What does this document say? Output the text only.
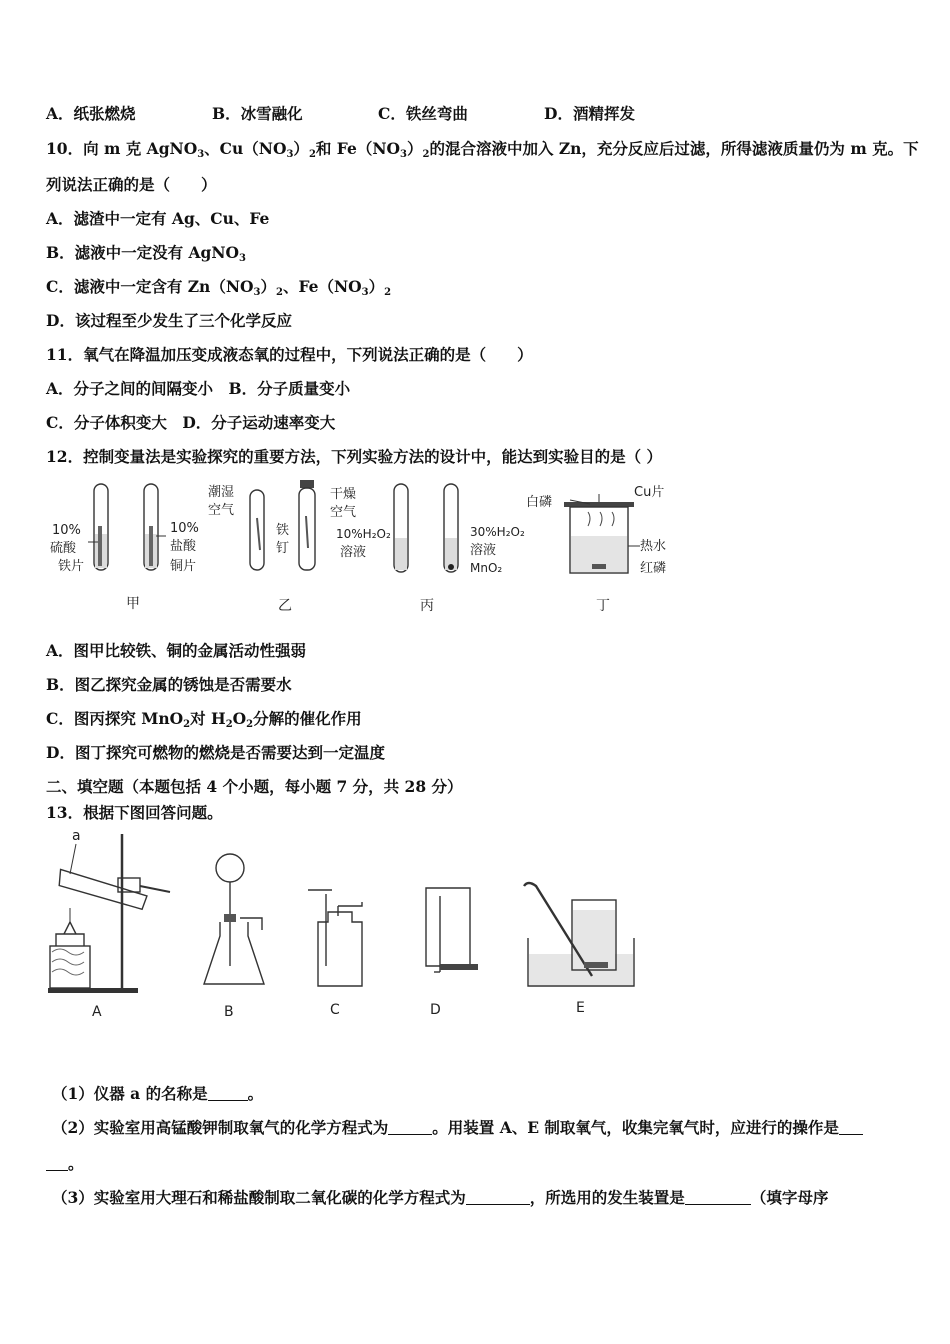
A．纸张燃烧	B．冰雪融化	C．铁丝弯曲	D．酒精挥发
10．向 m 克 AgNO$_3$、$Cu(NO_3)_2$和 $Fe(NO_3)_2$的混合溶液中加入 Zn，充分反应后过滤，所得滤液质量仍为 m 克。下
列说法正确的是（　　）
A．滤渣中一定有 Ag、Cu、Fe
B．滤液中一定没有 AgNO$_3$
C．滤液中一定含有 $Zn(NO_3)_2$、$Fe(NO_3)_2$
D．该过程至少发生了三个化学反应
11．氧气在降温加压变成液态氧的过程中，下列说法正确的是（　　）
A．分子之间的间隔变小　B．分子质量变小
C．分子体积变大　D．分子运动速率变大
12．控制变量法是实验探究的重要方法，下列实验方法的设计中，能达到实验目的是（ ）
10%
硫酸
铁片
10%
盐酸
铜片
甲
潮湿
空气
铁
钉
干燥
空气
乙
10%H₂O₂
溶液
30%H₂O₂
溶液
MnO₂
丙
白磷
Cu片
热水
红磷
丁
A．图甲比较铁、铜的金属活动性强弱
B．图乙探究金属的锈蚀是否需要水
C．图丙探究 MnO$_2$对 $H_2O_2$分解的催化作用
D．图丁探究可燃物的燃烧是否需要达到一定温度
二、填空题（本题包括 4 个小题，每小题 7 分，共 28 分）
13．根据下图回答问题。
a
A	B	C	D	E
（1）仪器 a 的名称是	。
（2）实验室用高锰酸钾制取氧气的化学方程式为	。用装置 A、E 制取氧气，收集完氧气时，应进行的操作是
。
（3）实验室用大理石和稀盐酸制取二氧化碳的化学方程式为	，所选用的发生装置是	（填字母序
